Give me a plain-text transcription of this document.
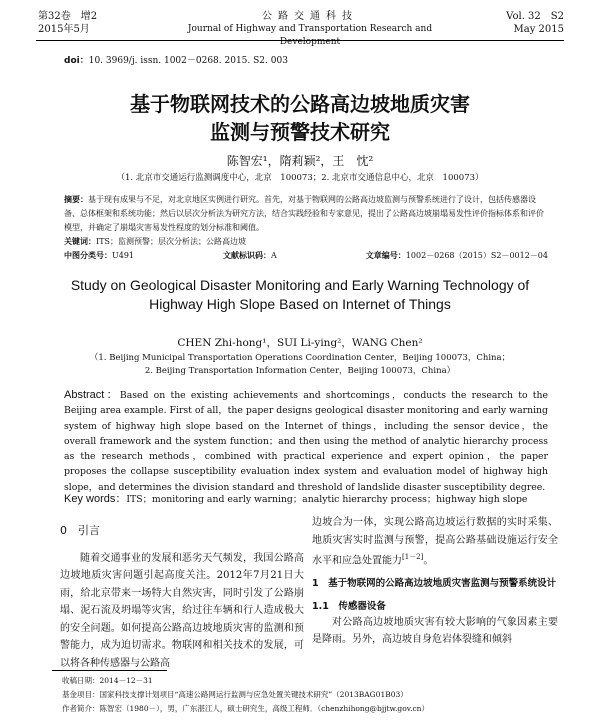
第32卷　增2
2015年5月
公路交通科技
Journal of Highway and Transportation Research and Development
Vol. 32　S2
May 2015
doi：10. 3969/j. issn. 1002－0268. 2015. S2. 003
基于物联网技术的公路高边坡地质灾害
监测与预警技术研究
陈智宏¹，隋莉颖²，王　忱²
（1. 北京市交通运行监测调度中心，北京　100073；2. 北京市交通信息中心，北京　100073）
摘要：基于现有成果与不足，对北京地区实例进行研究。首先，对基于物联网的公路高边坡监测与预警系统进行了设计，包括传感器设备、总体框架和系统功能；然后以层次分析法为研究方法，结合实践经验和专家意见，提出了公路高边坡崩塌易发性评价指标体系和评价模型，并确定了崩塌灾害易发性程度的划分标准和阈值。
关键词：ITS；监测预警；层次分析法；公路高边坡
中图分类号：U491	文献标识码：A	文章编号：1002－0268（2015）S2－0012－04
Study on Geological Disaster Monitoring and Early Warning Technology of
Highway High Slope Based on Internet of Things
CHEN Zhi-hong¹，SUI Li-ying²，WANG Chen²
（1. Beijing Municipal Transportation Operations Coordination Center，Beijing 100073，China；
2. Beijing Transportation Information Center，Beijing 100073，China）
Abstract：Based on the existing achievements and shortcomings，conducts the research to the Beijing area example. First of all，the paper designs geological disaster monitoring and early warning system of highway high slope based on the Internet of things，including the sensor device，the overall framework and the system function；and then using the method of analytic hierarchy process as the research methods，combined with practical experience and expert opinion，the paper proposes the collapse susceptibility evaluation index system and evaluation model of highway high slope，and determines the division standard and threshold of landslide disaster susceptibility degree.
Key words：ITS；monitoring and early warning；analytic hierarchy process；highway high slope
0　引言

随着交通事业的发展和恶劣天气频发，我国公路高边坡地质灾害问题引起高度关注。2012年7月21日大雨，给北京带来一场特大自然灾害，同时引发了公路崩塌、泥石流及坍塌等灾害，给过往车辆和行人造成极大的安全问题。如何提高公路高边坡地质灾害的监测和预警能力，成为迫切需求。物联网和相关技术的发展，可以将各种传感器与公路高

边坡合为一体，实现公路高边坡运行数据的实时采集、地质灾害实时监测与预警，提高公路基础设施运行安全水平和应急处置能力[1－2]。

1　基于物联网的公路高边坡地质灾害监测与预警系统设计
1.1　传感器设备

对公路高边坡地质灾害有较大影响的气象因素主要是降雨。另外，高边坡自身危岩体裂缝和倾斜

收稿日期：2014－12－31
基金项目：国家科技支撑计划项目“高速公路网运行监测与应急处置关键技术研究”（2013BAG01B03）
作者简介：陈智宏（1980－），男，广东湛江人，硕士研究生，高级工程师．（chenzhihong@bjjtw.gov.cn）
